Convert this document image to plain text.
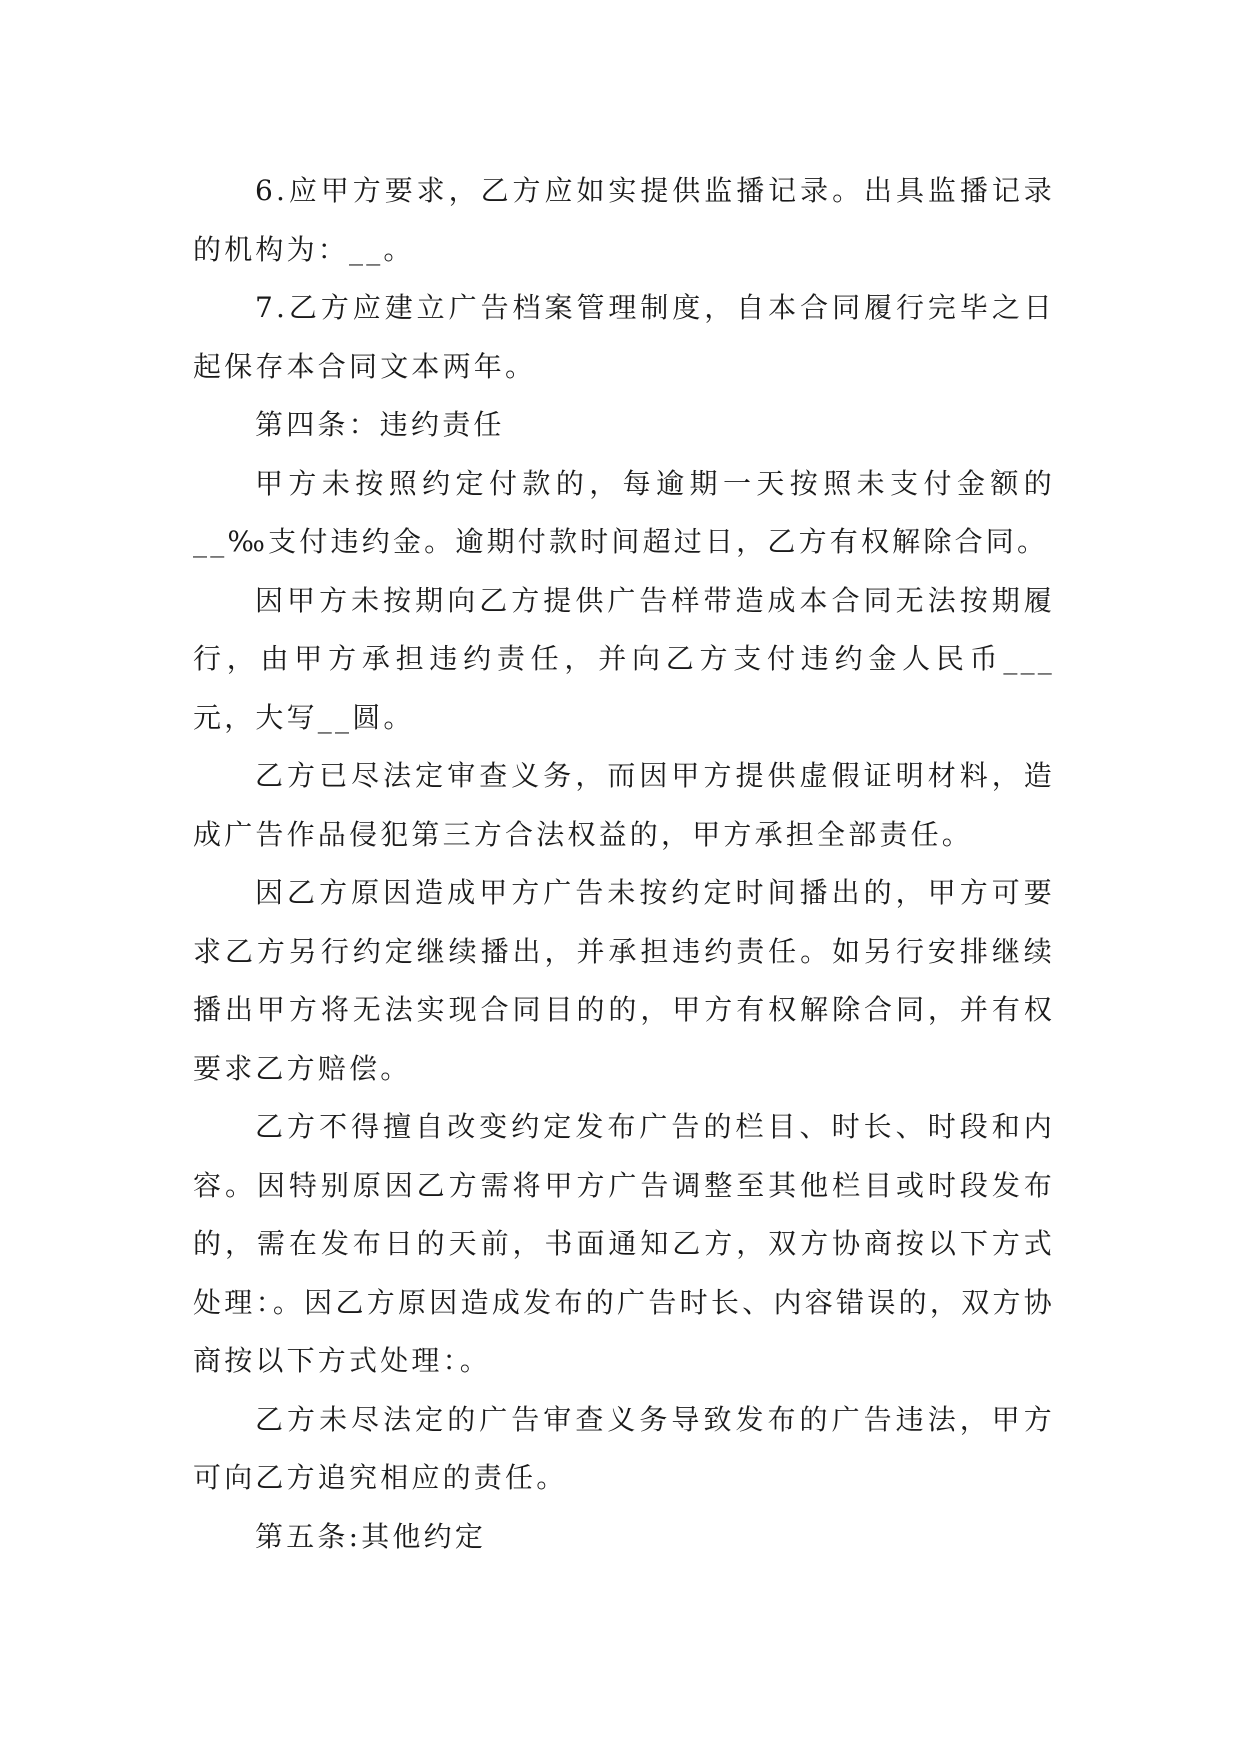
6.应甲方要求，乙方应如实提供监播记录。出具监播记录的机构为：__。

7.乙方应建立广告档案管理制度，自本合同履行完毕之日起保存本合同文本两年。

第四条：违约责任

甲方未按照约定付款的，每逾期一天按照未支付金额的__‰支付违约金。逾期付款时间超过日，乙方有权解除合同。

因甲方未按期向乙方提供广告样带造成本合同无法按期履行，由甲方承担违约责任，并向乙方支付违约金人民币___元，大写__圆。

乙方已尽法定审查义务，而因甲方提供虚假证明材料，造成广告作品侵犯第三方合法权益的，甲方承担全部责任。

因乙方原因造成甲方广告未按约定时间播出的，甲方可要求乙方另行约定继续播出，并承担违约责任。如另行安排继续播出甲方将无法实现合同目的的，甲方有权解除合同，并有权要求乙方赔偿。

乙方不得擅自改变约定发布广告的栏目、时长、时段和内容。因特别原因乙方需将甲方广告调整至其他栏目或时段发布的，需在发布日的天前，书面通知乙方，双方协商按以下方式处理：。因乙方原因造成发布的广告时长、内容错误的，双方协商按以下方式处理：。

乙方未尽法定的广告审查义务导致发布的广告违法，甲方可向乙方追究相应的责任。

第五条:其他约定
